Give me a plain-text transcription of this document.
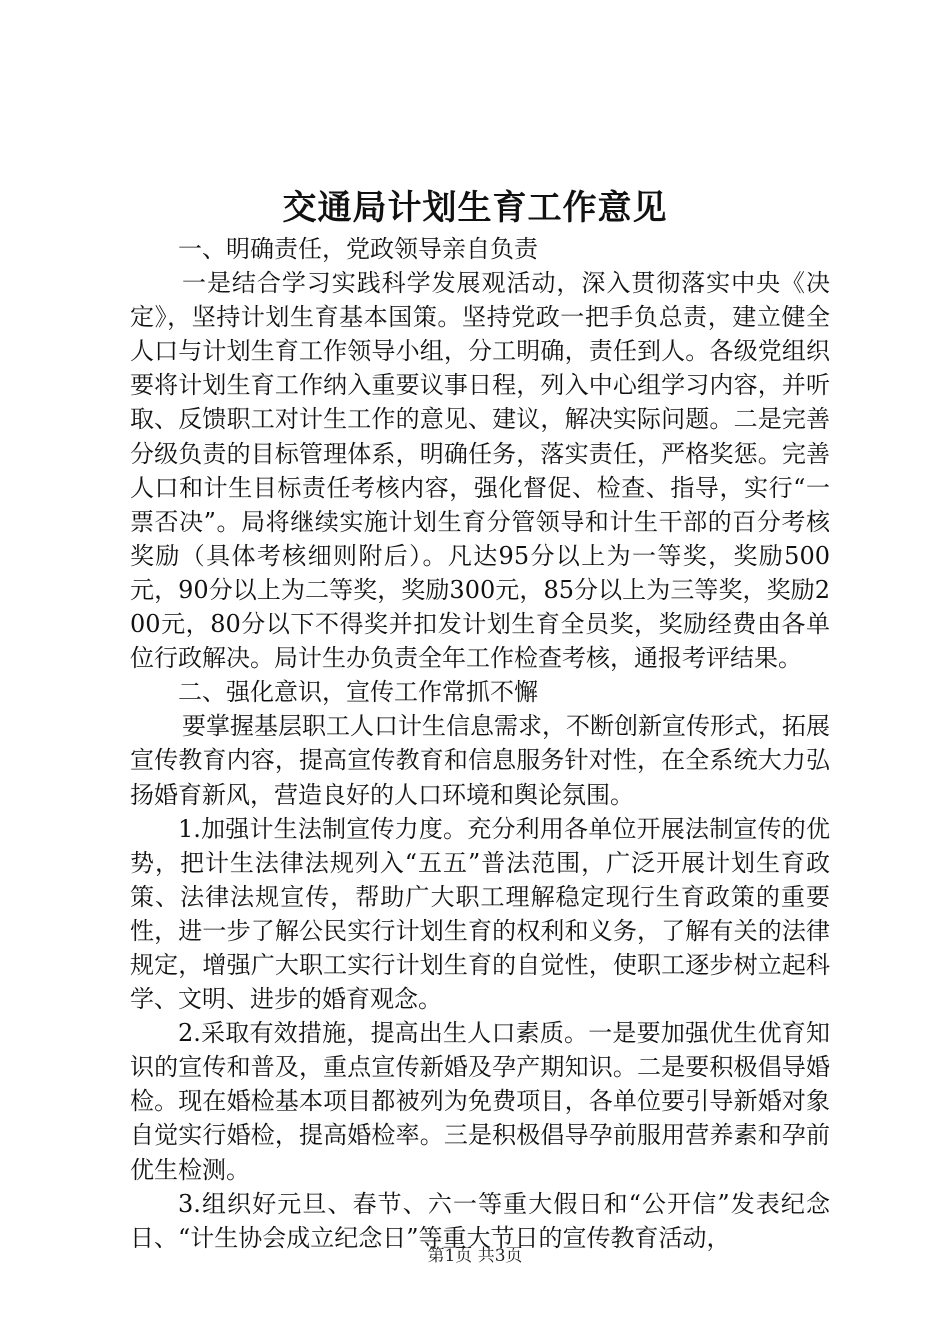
交通局计划生育工作意见

一、明确责任，党政领导亲自负责

一是结合学习实践科学发展观活动，深入贯彻落实中央《决定》，坚持计划生育基本国策。坚持党政一把手负总责，建立健全人口与计划生育工作领导小组，分工明确，责任到人。各级党组织要将计划生育工作纳入重要议事日程，列入中心组学习内容，并听取、反馈职工对计生工作的意见、建议，解决实际问题。二是完善分级负责的目标管理体系，明确任务，落实责任，严格奖惩。完善人口和计生目标责任考核内容，强化督促、检查、指导，实行“一票否决”。局将继续实施计划生育分管领导和计生干部的百分考核奖励（具体考核细则附后）。凡达95分以上为一等奖，奖励500元，90分以上为二等奖，奖励300元，85分以上为三等奖，奖励200元，80分以下不得奖并扣发计划生育全员奖，奖励经费由各单位行政解决。局计生办负责全年工作检查考核，通报考评结果。

二、强化意识，宣传工作常抓不懈

要掌握基层职工人口计生信息需求，不断创新宣传形式，拓展宣传教育内容，提高宣传教育和信息服务针对性，在全系统大力弘扬婚育新风，营造良好的人口环境和舆论氛围。

1.加强计生法制宣传力度。充分利用各单位开展法制宣传的优势，把计生法律法规列入“五五”普法范围，广泛开展计划生育政策、法律法规宣传，帮助广大职工理解稳定现行生育政策的重要性，进一步了解公民实行计划生育的权利和义务，了解有关的法律规定，增强广大职工实行计划生育的自觉性，使职工逐步树立起科学、文明、进步的婚育观念。

2.采取有效措施，提高出生人口素质。一是要加强优生优育知识的宣传和普及，重点宣传新婚及孕产期知识。二是要积极倡导婚检。现在婚检基本项目都被列为免费项目，各单位要引导新婚对象自觉实行婚检，提高婚检率。三是积极倡导孕前服用营养素和孕前优生检测。

3.组织好元旦、春节、六一等重大假日和“公开信”发表纪念日、“计生协会成立纪念日”等重大节日的宣传教育活动，

第1页 共3页
